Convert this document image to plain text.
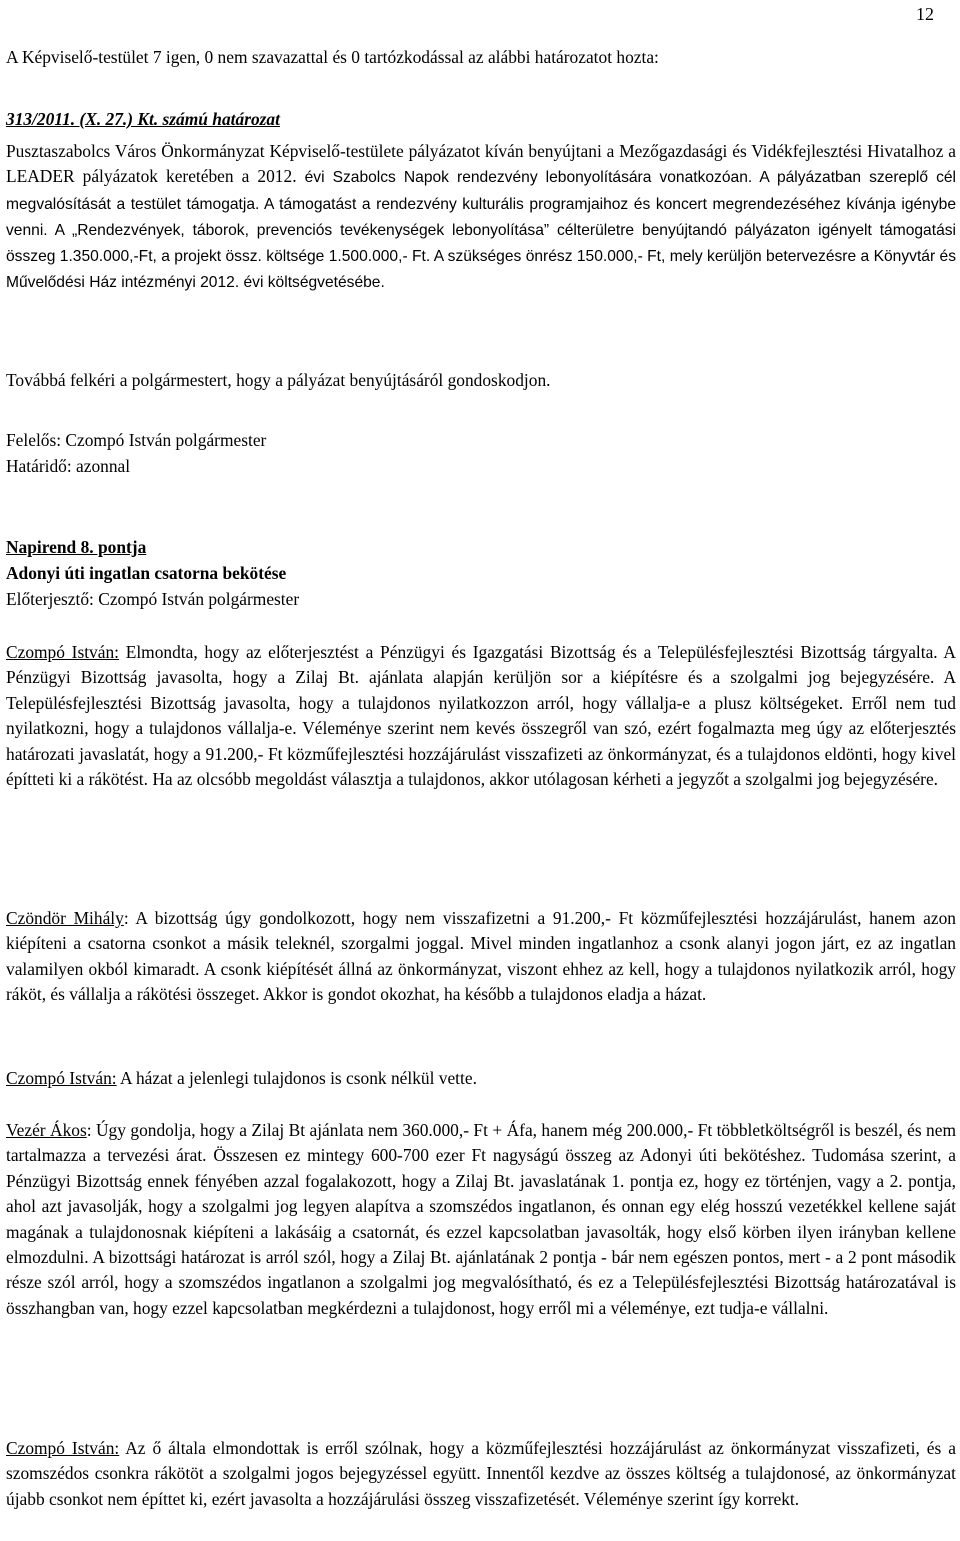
12

A Képviselő-testület 7 igen, 0 nem szavazattal és 0 tartózkodással az alábbi határozatot hozta:

313/2011. (X. 27.) Kt. számú határozat

Pusztaszabolcs Város Önkormányzat Képviselő-testülete pályázatot kíván benyújtani a Mezőgazdasági és Vidékfejlesztési Hivatalhoz a LEADER pályázatok keretében a 2012. évi Szabolcs Napok rendezvény lebonyolítására vonatkozóan. A pályázatban szereplő cél megvalósítását a testület támogatja. A támogatást a rendezvény kulturális programjaihoz és koncert megrendezéséhez kívánja igénybe venni. A „Rendezvények, táborok, prevenciós tevékenységek lebonyolítása” célterületre benyújtandó pályázaton igényelt támogatási összeg 1.350.000,-Ft, a projekt össz. költsége 1.500.000,- Ft. A szükséges önrész 150.000,- Ft, mely kerüljön betervezésre a Könyvtár és Művelődési Ház intézményi 2012. évi költségvetésébe.

Továbbá felkéri a polgármestert, hogy a pályázat benyújtásáról gondoskodjon.

Felelős: Czompó István polgármester

Határidő: azonnal

Napirend 8. pontja

Adonyi úti ingatlan csatorna bekötése

Előterjesztő: Czompó István polgármester

Czompó István: Elmondta, hogy az előterjesztést a Pénzügyi és Igazgatási Bizottság és a Településfejlesztési Bizottság tárgyalta. A Pénzügyi Bizottság javasolta, hogy a Zilaj Bt. ajánlata alapján kerüljön sor a kiépítésre és a szolgalmi jog bejegyzésére. A Településfejlesztési Bizottság javasolta, hogy a tulajdonos nyilatkozzon arról, hogy vállalja-e a plusz költségeket. Erről nem tud nyilatkozni, hogy a tulajdonos vállalja-e. Véleménye szerint nem kevés összegről van szó, ezért fogalmazta meg úgy az előterjesztés határozati javaslatát, hogy a 91.200,- Ft közműfejlesztési hozzájárulást visszafizeti az önkormányzat, és a tulajdonos eldönti, hogy kivel építteti ki a rákötést. Ha az olcsóbb megoldást választja a tulajdonos, akkor utólagosan kérheti a jegyzőt a szolgalmi jog bejegyzésére.

Czöndör Mihály: A bizottság úgy gondolkozott, hogy nem visszafizetni a 91.200,- Ft közműfejlesztési hozzájárulást, hanem azon kiépíteni a csatorna csonkot a másik teleknél, szorgalmi joggal. Mivel minden ingatlanhoz a csonk alanyi jogon járt, ez az ingatlan valamilyen okból kimaradt. A csonk kiépítését állná az önkormányzat, viszont ehhez az kell, hogy a tulajdonos nyilatkozik arról, hogy ráköt, és vállalja a rákötési összeget. Akkor is gondot okozhat, ha később a tulajdonos eladja a házat.

Czompó István: A házat a jelenlegi tulajdonos is csonk nélkül vette.

Vezér Ákos: Úgy gondolja, hogy a Zilaj Bt ajánlata nem 360.000,- Ft + Áfa, hanem még 200.000,- Ft többletköltségről is beszél, és nem tartalmazza a tervezési árat. Összesen ez mintegy 600-700 ezer Ft nagyságú összeg az Adonyi úti bekötéshez. Tudomása szerint, a Pénzügyi Bizottság ennek fényében azzal fogalakozott, hogy a Zilaj Bt. javaslatának 1. pontja ez, hogy ez történjen, vagy a 2. pontja, ahol azt javasolják, hogy a szolgalmi jog legyen alapítva a szomszédos ingatlanon, és onnan egy elég hosszú vezetékkel kellene saját magának a tulajdonosnak kiépíteni a lakásáig a csatornát, és ezzel kapcsolatban javasolták, hogy első körben ilyen irányban kellene elmozdulni. A bizottsági határozat is arról szól, hogy a Zilaj Bt. ajánlatának 2 pontja - bár nem egészen pontos, mert - a 2 pont második része szól arról, hogy a szomszédos ingatlanon a szolgalmi jog megvalósítható, és ez a Településfejlesztési Bizottság határozatával is összhangban van, hogy ezzel kapcsolatban megkérdezni a tulajdonost, hogy erről mi a véleménye, ezt tudja-e vállalni.

Czompó István: Az ő általa elmondottak is erről szólnak, hogy a közműfejlesztési hozzájárulást az önkormányzat visszafizeti, és a szomszédos csonkra rákötöt a szolgalmi jogos bejegyzéssel együtt. Innentől kezdve az összes költség a tulajdonosé, az önkormányzat újabb csonkot nem építtet ki, ezért javasolta a hozzájárulási összeg visszafizetését. Véleménye szerint így korrekt.
